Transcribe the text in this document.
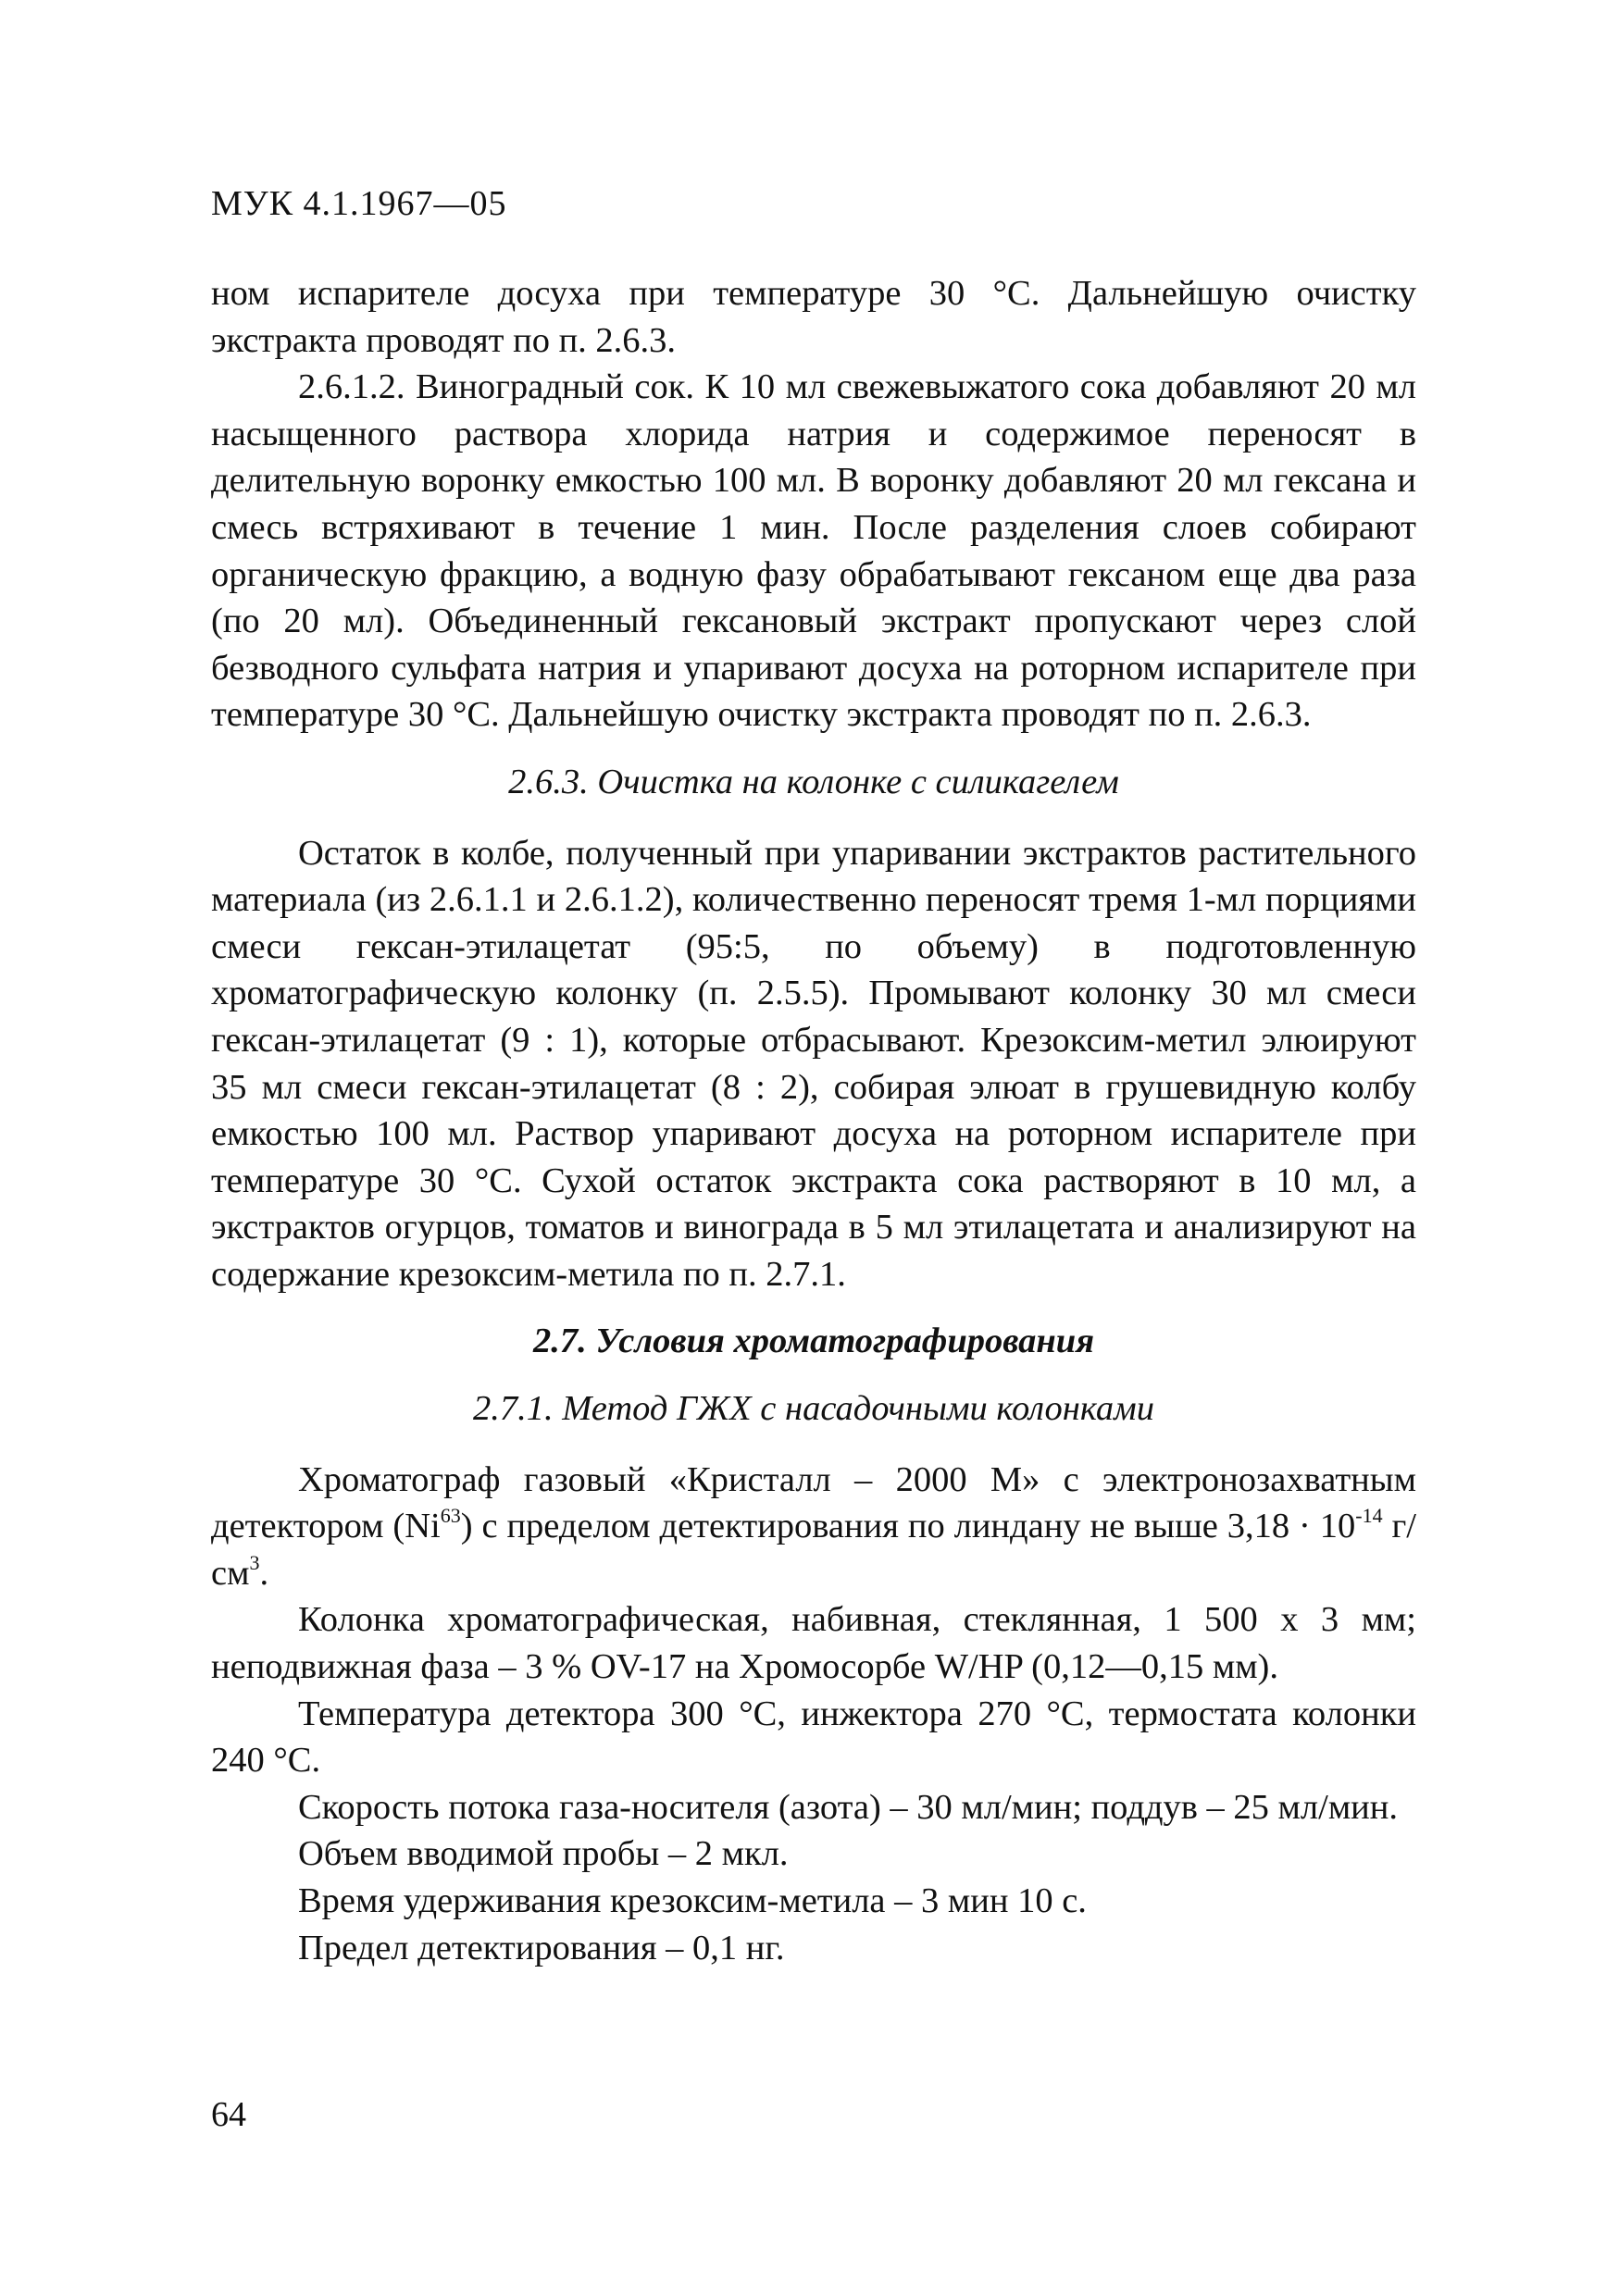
МУК 4.1.1967—05

ном испарителе досуха при температуре 30 °С. Дальнейшую очистку экстракта проводят по п. 2.6.3.

2.6.1.2. Виноградный сок. К 10 мл свежевыжатого сока добавляют 20 мл насыщенного раствора хлорида натрия и содержимое переносят в делительную воронку емкостью 100 мл. В воронку добавляют 20 мл гексана и смесь встряхивают в течение 1 мин. После разделения слоев собирают органическую фракцию, а водную фазу обрабатывают гексаном еще два раза (по 20 мл). Объединенный гексановый экстракт пропускают через слой безводного сульфата натрия и упаривают досуха на роторном испарителе при температуре 30 °С. Дальнейшую очистку экстракта проводят по п. 2.6.3.

2.6.3. Очистка на колонке с силикагелем

Остаток в колбе, полученный при упаривании экстрактов растительного материала (из 2.6.1.1 и 2.6.1.2), количественно переносят тремя 1-мл порциями смеси гексан-этилацетат (95:5, по объему) в подготовленную хроматографическую колонку (п. 2.5.5). Промывают колонку 30 мл смеси гексан-этилацетат (9 : 1), которые отбрасывают. Крезоксим-метил элюируют 35 мл смеси гексан-этилацетат (8 : 2), собирая элюат в грушевидную колбу емкостью 100 мл. Раствор упаривают досуха на роторном испарителе при температуре 30 °С. Сухой остаток экстракта сока растворяют в 10 мл, а экстрактов огурцов, томатов и винограда в 5 мл этилацетата и анализируют на содержание крезоксим-метила по п. 2.7.1.

2.7. Условия хроматографирования

2.7.1. Метод ГЖХ с насадочными колонками

Хроматограф газовый «Кристалл – 2000 М» с электронозахватным детектором (Ni$^{63}$) с пределом детектирования по линдану не выше $3,18 \cdot 10^{-14}$ $г/см^3$.

Колонка хроматографическая, набивная, стеклянная, 1 500 х 3 мм; неподвижная фаза – 3 % OV-17 на Хромосорбе W/HP (0,12—0,15 мм).

Температура детектора 300 °С, инжектора 270 °С, термостата колонки 240 °С.

Скорость потока газа-носителя (азота) – 30 мл/мин; поддув – 25 мл/мин.

Объем вводимой пробы – 2 мкл.

Время удерживания крезоксим-метила – 3 мин 10 с.

Предел детектирования – 0,1 нг.

64
